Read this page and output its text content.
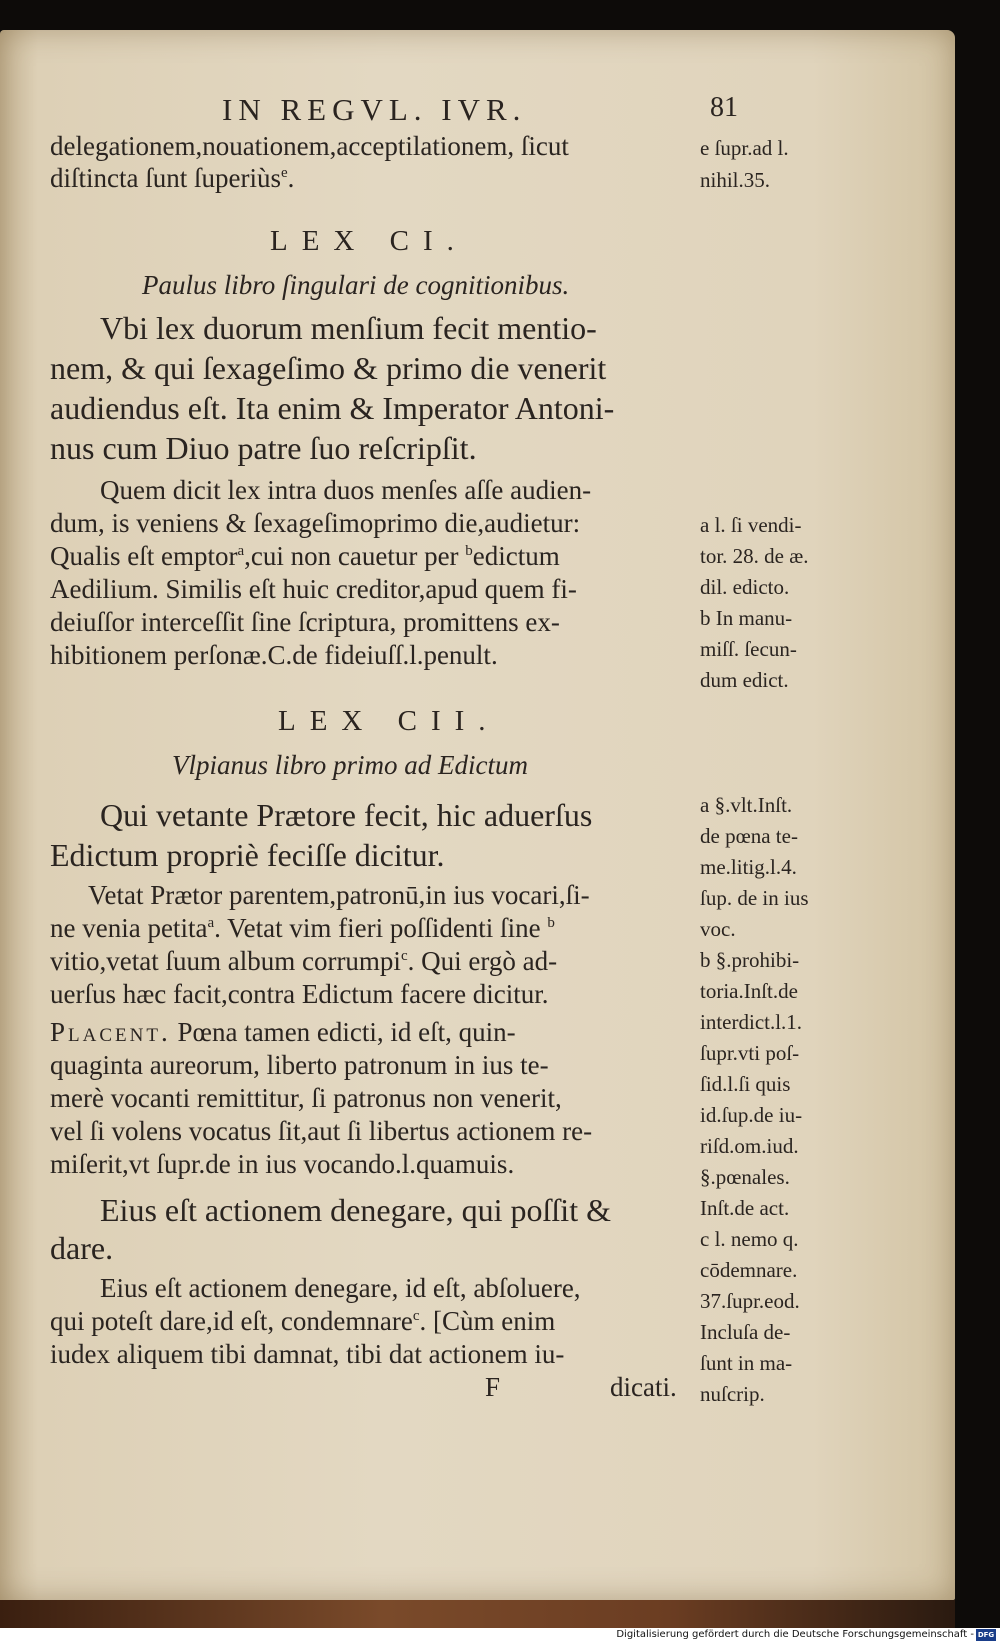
IN REGVL. IVR.	81
delegationem,nouationem,acceptilationem, ſicut
diſtincta ſunt ſuperiùs$^e$.
e ſupr.ad l.
nihil.35.
LEX CI.
Paulus libro ſingulari de cognitionibus.
Vbi lex duorum menſium fecit mentio-
nem, & qui ſexageſimo & primo die venerit
audiendus eſt. Ita enim & Imperator Antoni-
nus cum Diuo patre ſuo reſcripſit.
Quem dicit lex intra duos menſes aſſe audien-
dum, is veniens & ſexageſimoprimo die,audietur:
Qualis eſt emptor$^a$,cui non cauetur per $^b$edictum
Aedilium. Similis eſt huic creditor,apud quem fi-
deiuſſor interceſſit ſine ſcriptura, promittens ex-
hibitionem perſonæ.C.de fideiuſſ.l.penult.
a l. ſi vendi-
tor. 28. de æ.
dil. edicto.
b In manu-
miſſ. ſecun-
dum edict.
LEX CII.
Vlpianus libro primo ad Edictum
Qui vetante Prætore fecit, hic aduerſus
Edictum propriè feciſſe dicitur.
Vetat Prætor parentem,patronū,in ius vocari,ſi-
ne venia petita$^a$. Vetat vim fieri poſſidenti ſine $^b$
vitio,vetat ſuum album corrumpi$^c$. Qui ergò ad-
uerſus hæc facit,contra Edictum facere dicitur.
Placent. Pœna tamen edicti, id eſt, quin-
quaginta aureorum, liberto patronum in ius te-
merè vocanti remittitur, ſi patronus non venerit,
vel ſi volens vocatus ſit,aut ſi libertus actionem re-
miſerit,vt ſupr.de in ius vocando.l.quamuis.
Eius eſt actionem denegare, qui poſſit &
dare.
Eius eſt actionem denegare, id eſt, abſoluere,
qui poteſt dare,id eſt, condemnare$^c$. [Cùm enim
iudex aliquem tibi damnat, tibi dat actionem iu-
F	dicati.
a §.vlt.Inſt.
de pœna te-
me.litig.l.4.
ſup. de in ius
voc.
b §.prohibi-
toria.Inſt.de
interdict.l.1.
ſupr.vti poſ-
ſid.l.ſi quis
id.ſup.de iu-
riſd.om.iud.
§.pœnales.
Inſt.de act.
c l. nemo q.
cōdemnare.
37.ſupr.eod.
Incluſa de-
ſunt in ma-
nuſcrip.
Digitalisierung gefördert durch die Deutsche Forschungsgemeinschaft - DFG
